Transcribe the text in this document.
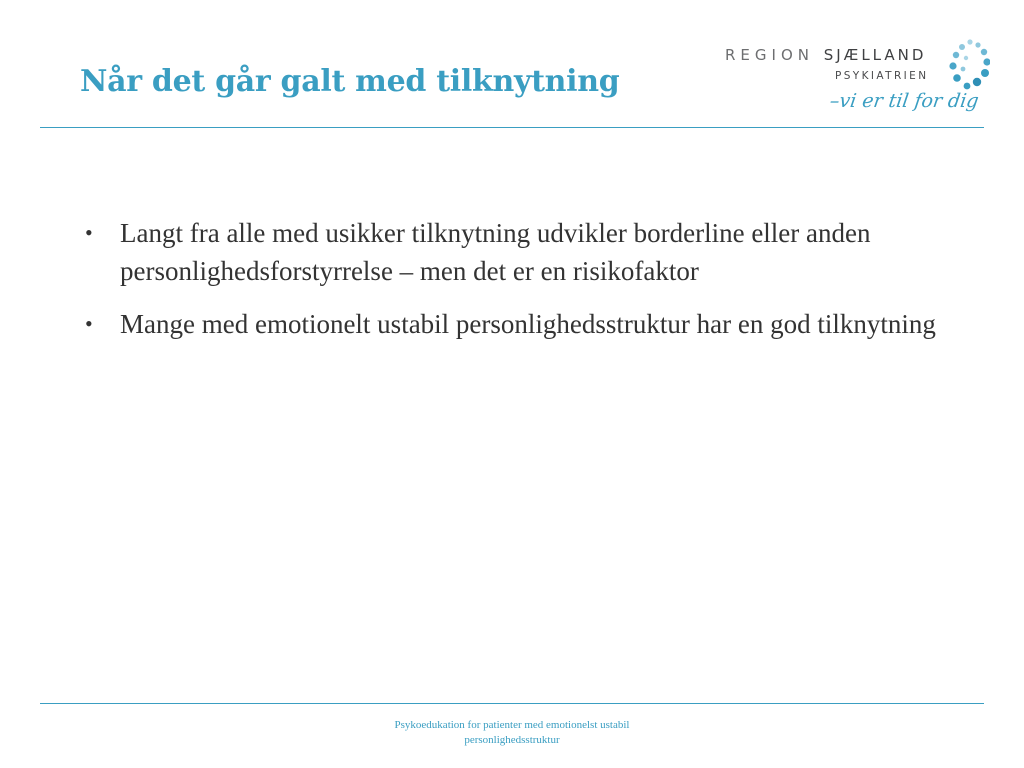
Når det går galt med tilknytning
REGION SJÆLLAND
PSYKIATRIEN
–vi er til for dig
• Langt fra alle med usikker tilknytning udvikler borderline eller anden personlighedsforstyrrelse – men det er en risikofaktor
• Mange med emotionelt ustabil personlighedsstruktur har en god tilknytning
Psykoedukation for patienter med emotionelst ustabil
personlighedsstruktur
